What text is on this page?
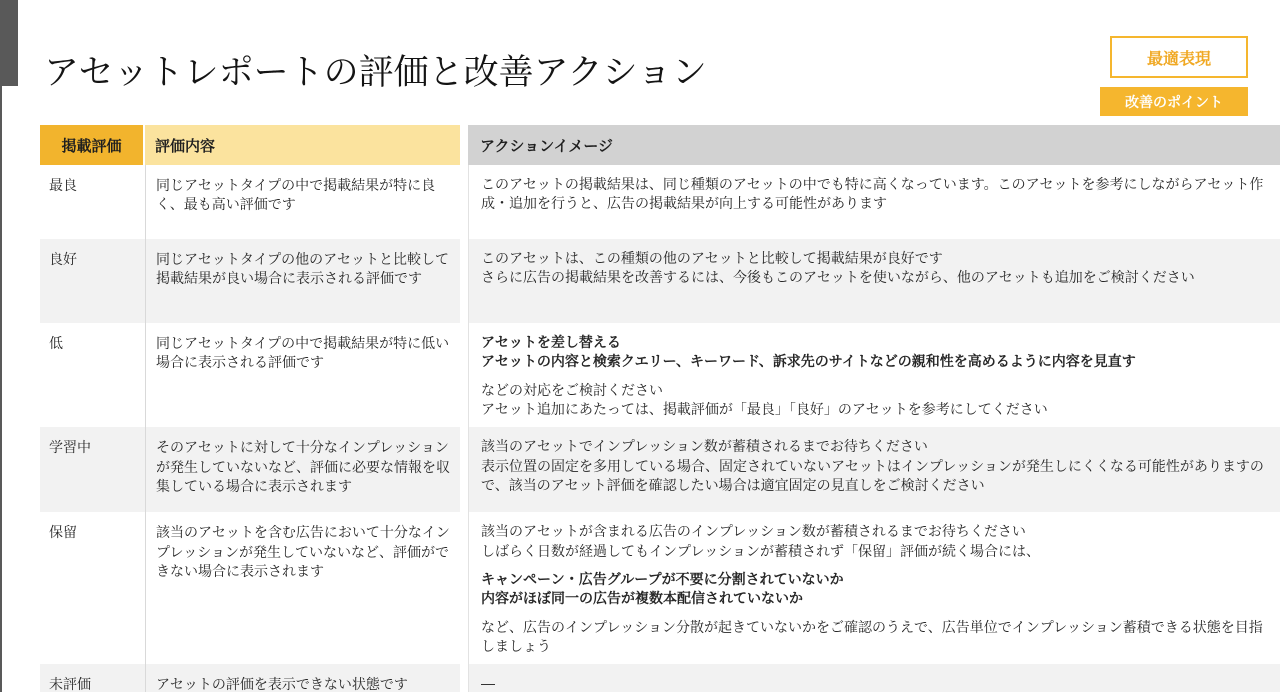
アセットレポートの評価と改善アクション	最適表現
改善のポイント
掲載評価	評価内容	アクションイメージ
最良	同じアセットタイプの中で掲載結果が特に良く、最も高い評価です

このアセットの掲載結果は、同じ種類のアセットの中でも特に高くなっています。このアセットを参考にしながらアセット作成・追加を行うと、広告の掲載結果が向上する可能性があります

良好	同じアセットタイプの他のアセットと比較して掲載結果が良い場合に表示される評価です

このアセットは、この種類の他のアセットと比較して掲載結果が良好です

さらに広告の掲載結果を改善するには、今後もこのアセットを使いながら、他のアセットも追加をご検討ください

低	同じアセットタイプの中で掲載結果が特に低い場合に表示される評価です

アセットを差し替える

アセットの内容と検索クエリー、キーワード、訴求先のサイトなどの親和性を高めるように内容を見直す

などの対応をご検討ください

アセット追加にあたっては、掲載評価が「最良」「良好」のアセットを参考にしてください

学習中	そのアセットに対して十分なインプレッションが発生していないなど、評価に必要な情報を収集している場合に表示されます

該当のアセットでインプレッション数が蓄積されるまでお待ちください

表示位置の固定を多用している場合、固定されていないアセットはインプレッションが発生しにくくなる可能性がありますので、該当のアセット評価を確認したい場合は適宜固定の見直しをご検討ください

保留	該当のアセットを含む広告において十分なインプレッションが発生していないなど、評価ができない場合に表示されます

該当のアセットが含まれる広告のインプレッション数が蓄積されるまでお待ちください

しばらく日数が経過してもインプレッションが蓄積されず「保留」評価が続く場合には、

キャンペーン・広告グループが不要に分割されていないか

内容がほぼ同一の広告が複数本配信されていないか

など、広告のインプレッション分散が起きていないかをご確認のうえで、広告単位でインプレッション蓄積できる状態を目指しましょう

未評価	アセットの評価を表示できない状態です	―
